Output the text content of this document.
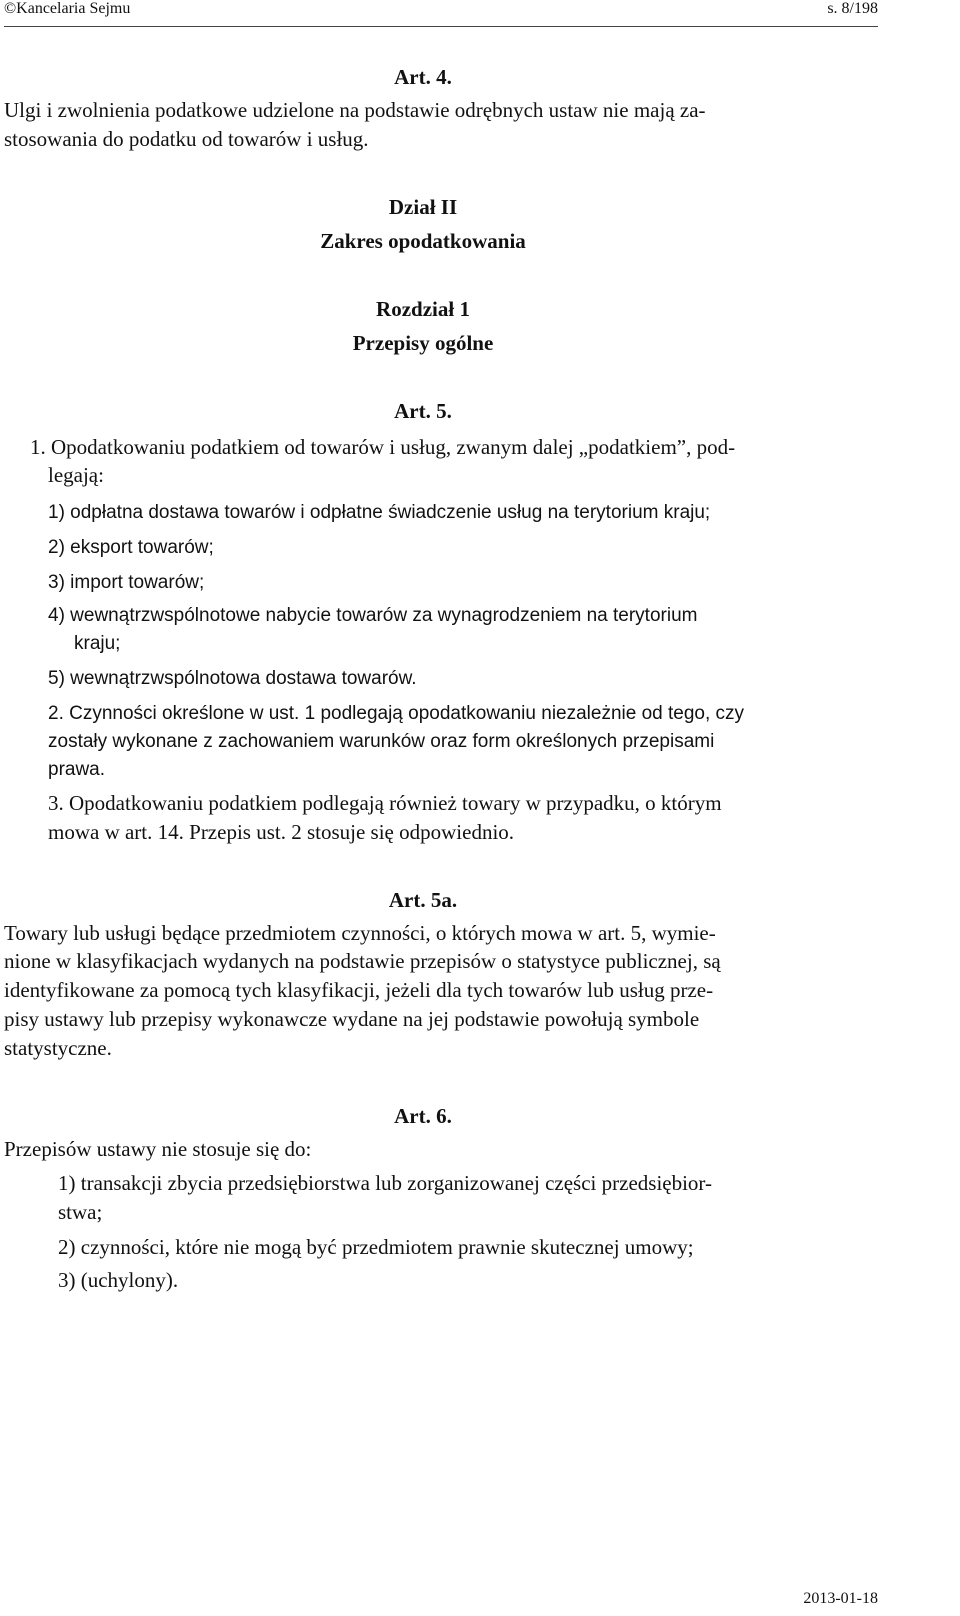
©Kancelaria Sejmu	s. 8/198
Art. 4.
Ulgi i zwolnienia podatkowe udzielone na podstawie odrębnych ustaw nie mają za-
stosowania do podatku od towarów i usług.
Dział II
Zakres opodatkowania
Rozdział 1
Przepisy ogólne
Art. 5.
1. Opodatkowaniu podatkiem od towarów i usług, zwanym dalej „podatkiem”, pod-
legają:
1) odpłatna dostawa towarów i odpłatne świadczenie usług na terytorium kraju;
2) eksport towarów;
3) import towarów;
4) wewnątrzwspólnotowe nabycie towarów za wynagrodzeniem na terytorium
kraju;
5) wewnątrzwspólnotowa dostawa towarów.
2. Czynności określone w ust. 1 podlegają opodatkowaniu niezależnie od tego, czy
zostały wykonane z zachowaniem warunków oraz form określonych przepisami
prawa.
3. Opodatkowaniu podatkiem podlegają również towary w przypadku, o którym
mowa w art. 14. Przepis ust. 2 stosuje się odpowiednio.
Art. 5a.
Towary lub usługi będące przedmiotem czynności, o których mowa w art. 5, wymie-
nione w klasyfikacjach wydanych na podstawie przepisów o statystyce publicznej, są
identyfikowane za pomocą tych klasyfikacji, jeżeli dla tych towarów lub usług prze-
pisy ustawy lub przepisy wykonawcze wydane na jej podstawie powołują symbole
statystyczne.
Art. 6.
Przepisów ustawy nie stosuje się do:
1) transakcji zbycia przedsiębiorstwa lub zorganizowanej części przedsiębior-
stwa;
2) czynności, które nie mogą być przedmiotem prawnie skutecznej umowy;
3) (uchylony).
2013-01-18
